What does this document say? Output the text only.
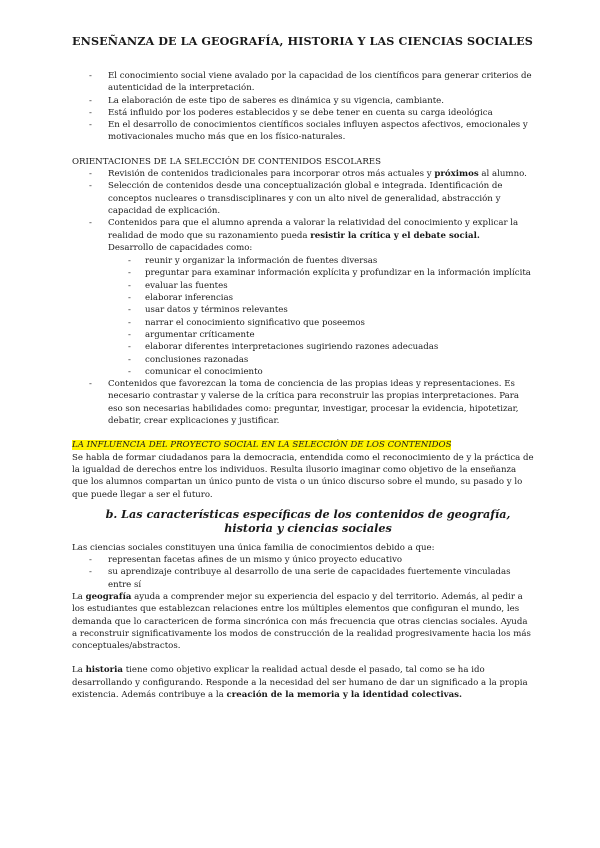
ENSEÑANZA DE LA GEOGRAFÍA, HISTORIA Y LAS CIENCIAS SOCIALES
- El conocimiento social viene avalado por la capacidad de los científicos para generar criterios de autenticidad de la interpretación.
- La elaboración de este tipo de saberes es dinámica y su vigencia, cambiante.
- Está influido por los poderes establecidos y se debe tener en cuenta su carga ideológica
- En el desarrollo de conocimientos científicos sociales influyen aspectos afectivos, emocionales y motivacionales mucho más que en los físico-naturales.
ORIENTACIONES DE LA SELECCIÓN DE CONTENIDOS ESCOLARES
- Revisión de contenidos tradicionales para incorporar otros más actuales y próximos al alumno.
- Selección de contenidos desde una conceptualización global e integrada. Identificación de conceptos nucleares o transdisciplinares y con un alto nivel de generalidad, abstracción y capacidad de explicación.
- Contenidos para que el alumno aprenda a valorar la relatividad del conocimiento y explicar la realidad de modo que su razonamiento pueda resistir la crítica y el debate social.
Desarrollo de capacidades como:
- reunir y organizar la información de fuentes diversas
- preguntar para examinar información explícita y profundizar en la información implícita
- evaluar las fuentes
- elaborar inferencias
- usar datos y términos relevantes
- narrar el conocimiento significativo que poseemos
- argumentar críticamente
- elaborar diferentes interpretaciones sugiriendo razones adecuadas
- conclusiones razonadas
- comunicar el conocimiento
- Contenidos que favorezcan la toma de conciencia de las propias ideas y representaciones. Es necesario contrastar y valerse de la crítica para reconstruir las propias interpretaciones. Para eso son necesarias habilidades como: preguntar, investigar, procesar la evidencia, hipotetizar, debatir, crear explicaciones y justificar.
LA INFLUENCIA DEL PROYECTO SOCIAL EN LA SELECCIÓN DE LOS CONTENIDOS

Se habla de formar ciudadanos para la democracia, entendida como el reconocimiento de y la práctica de la igualdad de derechos entre los individuos. Resulta ilusorio imaginar como objetivo de la enseñanza que los alumnos compartan un único punto de vista o un único discurso sobre el mundo, su pasado y lo que puede llegar a ser el futuro.

b. Las características específicas de los contenidos de geografía, historia y ciencias sociales

Las ciencias sociales constituyen una única familia de conocimientos debido a que:

- representan facetas afines de un mismo y único proyecto educativo
- su aprendizaje contribuye al desarrollo de una serie de capacidades fuertemente vinculadas entre sí

La geografía ayuda a comprender mejor su experiencia del espacio y del territorio. Además, al pedir a los estudiantes que establezcan relaciones entre los múltiples elementos que configuran el mundo, les demanda que lo caractericen de forma sincrónica con más frecuencia que otras ciencias sociales. Ayuda a reconstruir significativamente los modos de construcción de la realidad progresivamente hacia los más conceptuales/abstractos.

La historia tiene como objetivo explicar la realidad actual desde el pasado, tal como se ha ido desarrollando y configurando. Responde a la necesidad del ser humano de dar un significado a la propia existencia. Además contribuye a la creación de la memoria y la identidad colectivas.
